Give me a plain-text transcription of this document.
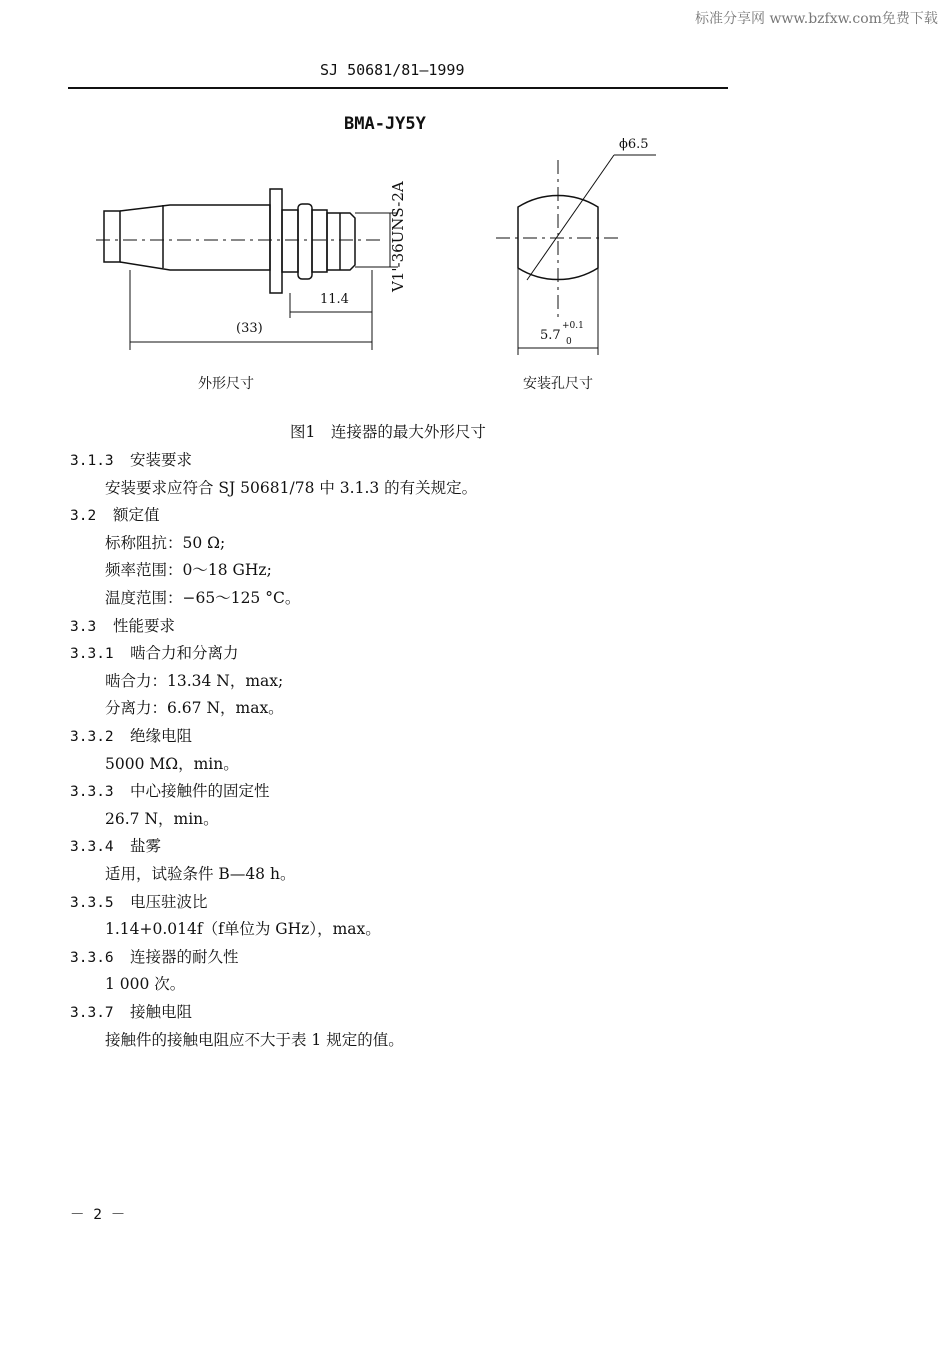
标准分享网 www.bzfxw.com免费下载
SJ 50681/81—1999
BMA-JY5Y
V1'-36UNS-2A
11.4
(33)
ϕ6.5
5.7
+0.1
0
外形尺寸	安装孔尺寸
图1　连接器的最大外形尺寸
3.1.3 安装要求
安装要求应符合 SJ 50681/78 中 3.1.3 的有关规定。
3.2 额定值
标称阻抗：50 Ω;
频率范围：0～18 GHz;
温度范围：−65～125 °C。
3.3 性能要求
3.3.1 啮合力和分离力
啮合力：13.34 N，max;
分离力：6.67 N，max。
3.3.2 绝缘电阻
5000 MΩ，min。
3.3.3 中心接触件的固定性
26.7 N，min。
3.3.4 盐雾
适用，试验条件 B—48 h。
3.3.5 电压驻波比
1.14+0.014f（f单位为 GHz），max。
3.3.6 连接器的耐久性
1 000 次。
3.3.7 接触电阻
接触件的接触电阻应不大于表 1 规定的值。
－ 2 －
